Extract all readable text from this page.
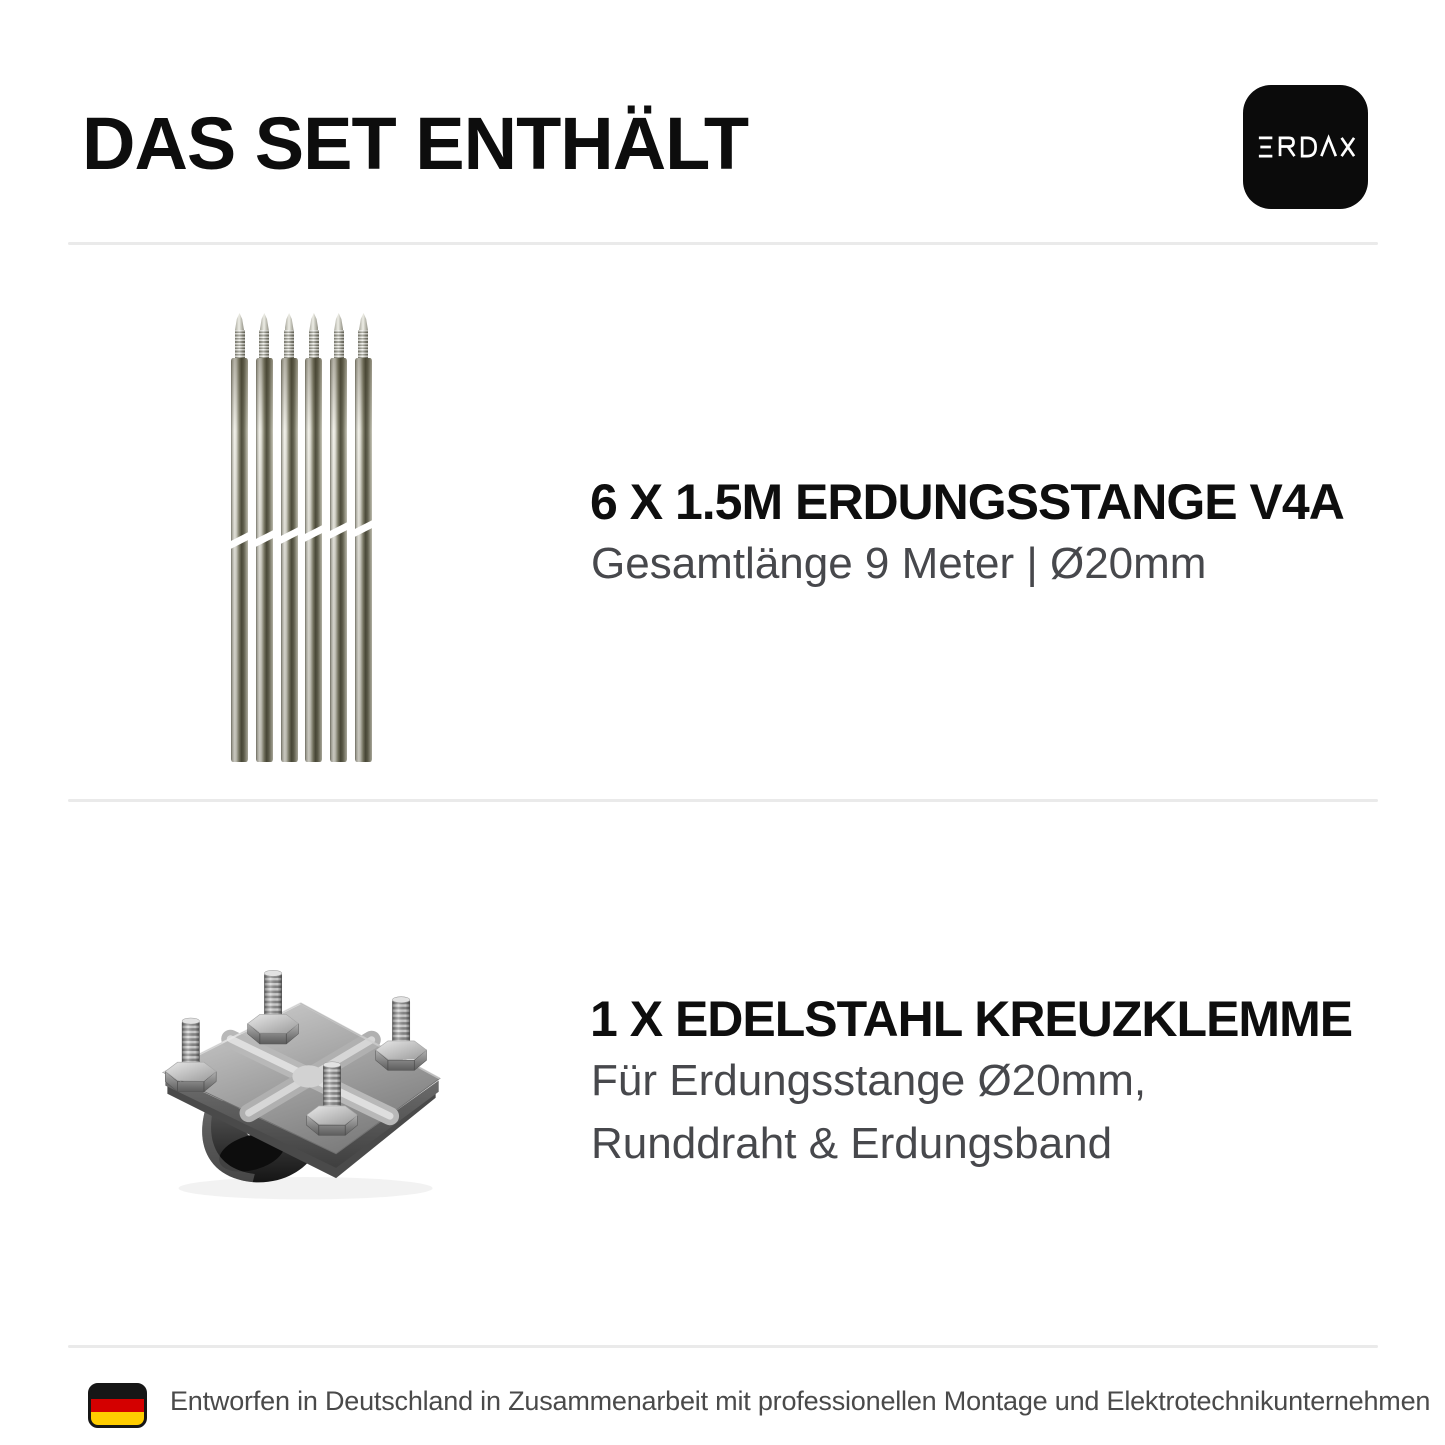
DAS SET ENTHÄLT
6 X 1.5M ERDUNGSSTANGE V4A

Gesamtlänge 9 Meter | Ø20mm

1 X EDELSTAHL KREUZKLEMME

Für Erdungsstange Ø20mm,
Runddraht & Erdungsband

Entworfen in Deutschland in Zusammenarbeit mit professionellen Montage und Elektrotechnikunternehmen
